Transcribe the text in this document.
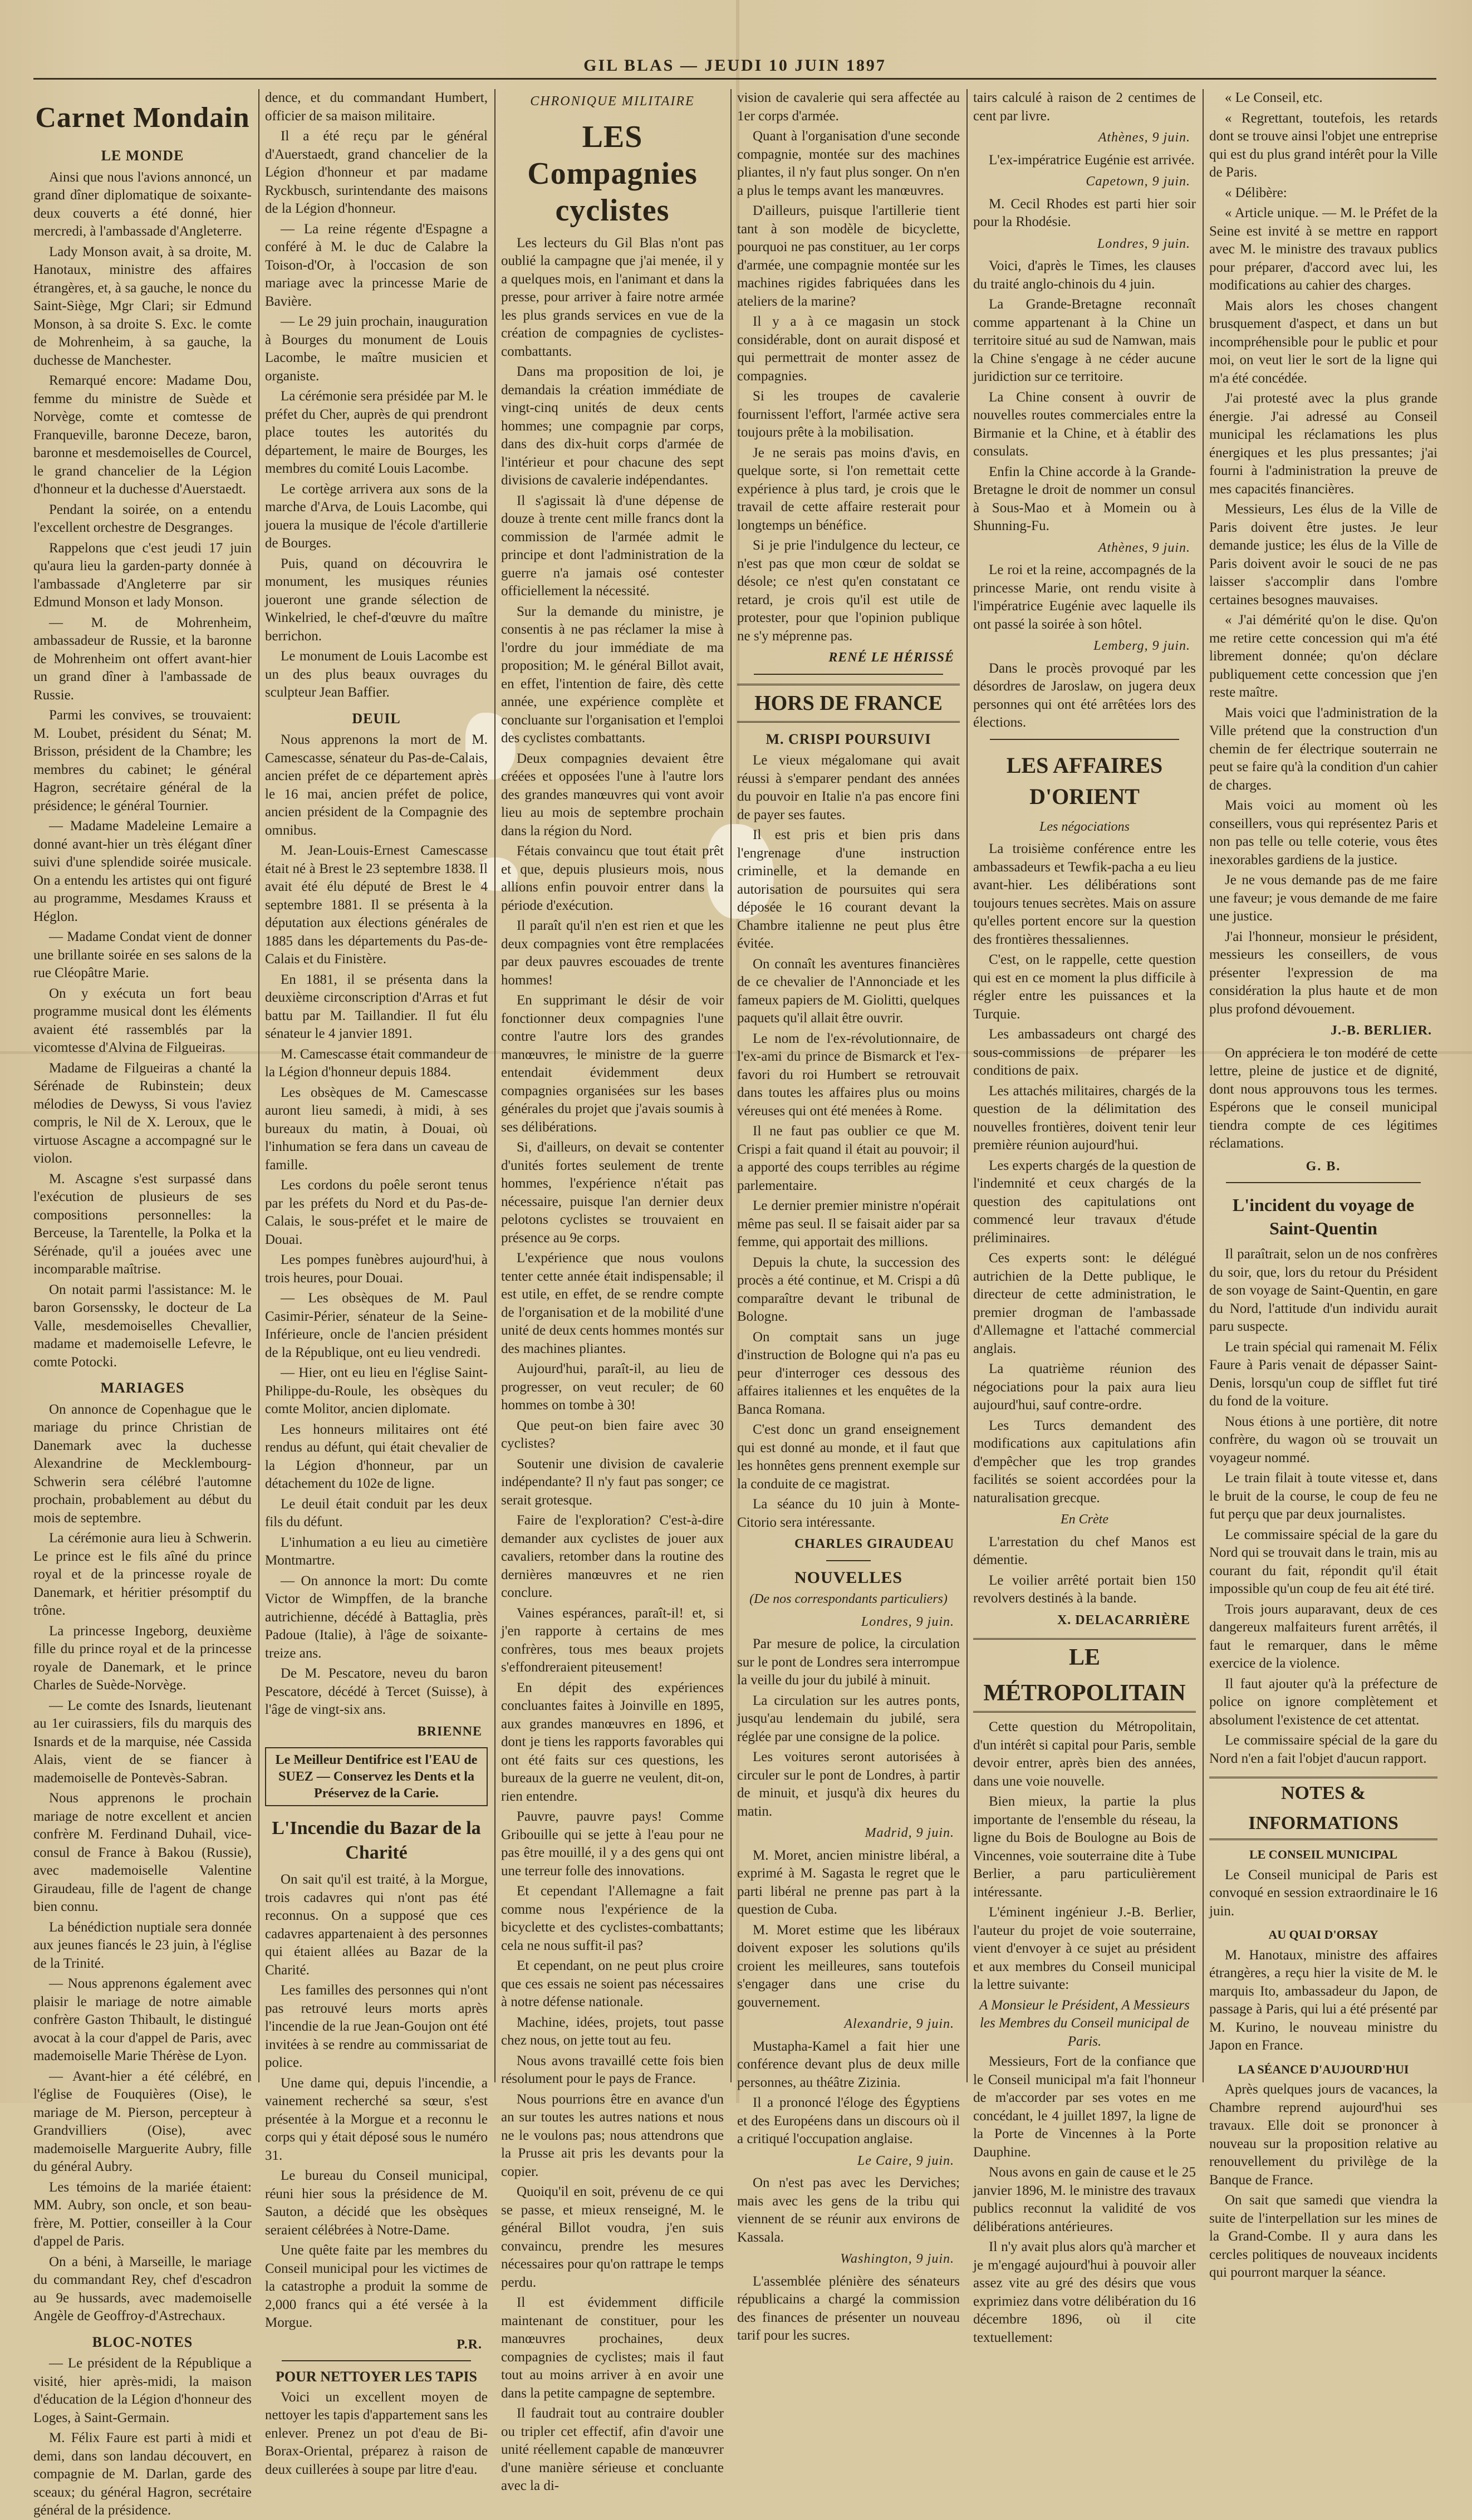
GIL BLAS — JEUDI 10 JUIN 1897
Carnet Mondain
LE MONDE

Ainsi que nous l'avions annoncé, un grand dîner diplomatique de soixante-deux couverts a été donné, hier mercredi, à l'ambassade d'Angleterre.

Lady Monson avait, à sa droite, M. Hanotaux, ministre des affaires étrangères, et, à sa gauche, le nonce du Saint-Siège, Mgr Clari; sir Edmund Monson, à sa droite S. Exc. le comte de Mohrenheim, à sa gauche, la duchesse de Manchester.

Remarqué encore: Madame Dou, femme du ministre de Suède et Norvège, comte et comtesse de Franqueville, baronne Deceze, baron, baronne et mesdemoiselles de Courcel, le grand chancelier de la Légion d'honneur et la duchesse d'Auerstaedt.

Pendant la soirée, on a entendu l'excellent orchestre de Desgranges.

Rappelons que c'est jeudi 17 juin qu'aura lieu la garden-party donnée à l'ambassade d'Angleterre par sir Edmund Monson et lady Monson.

— M. de Mohrenheim, ambassadeur de Russie, et la baronne de Mohrenheim ont offert avant-hier un grand dîner à l'ambassade de Russie.

Parmi les convives, se trouvaient: M. Loubet, président du Sénat; M. Brisson, président de la Chambre; les membres du cabinet; le général Hagron, secrétaire général de la présidence; le général Tournier.

— Madame Madeleine Lemaire a donné avant-hier un très élégant dîner suivi d'une splendide soirée musicale. On a entendu les artistes qui ont figuré au programme, Mesdames Krauss et Héglon.

— Madame Condat vient de donner une brillante soirée en ses salons de la rue Cléopâtre Marie.

On y exécuta un fort beau programme musical dont les éléments avaient été rassemblés par la vicomtesse d'Alvina de Filgueiras.

Madame de Filgueiras a chanté la Sérénade de Rubinstein; deux mélodies de Dewyss, Si vous l'aviez compris, le Nil de X. Leroux, que le virtuose Ascagne a accompagné sur le violon.

M. Ascagne s'est surpassé dans l'exécution de plusieurs de ses compositions personnelles: la Berceuse, la Tarentelle, la Polka et la Sérénade, qu'il a jouées avec une incomparable maîtrise.

On notait parmi l'assistance: M. le baron Gorsenssky, le docteur de La Valle, mesdemoiselles Chevallier, madame et mademoiselle Lefevre, le comte Potocki.

MARIAGES

On annonce de Copenhague que le mariage du prince Christian de Danemark avec la duchesse Alexandrine de Mecklembourg-Schwerin sera célébré l'automne prochain, probablement au début du mois de septembre.

La cérémonie aura lieu à Schwerin. Le prince est le fils aîné du prince royal et de la princesse royale de Danemark, et héritier présomptif du trône.

La princesse Ingeborg, deuxième fille du prince royal et de la princesse royale de Danemark, et le prince Charles de Suède-Norvège.

— Le comte des Isnards, lieutenant au 1er cuirassiers, fils du marquis des Isnards et de la marquise, née Cassida Alais, vient de se fiancer à mademoiselle de Pontevès-Sabran.

Nous apprenons le prochain mariage de notre excellent et ancien confrère M. Ferdinand Duhail, vice-consul de France à Bakou (Russie), avec mademoiselle Valentine Giraudeau, fille de l'agent de change bien connu.

La bénédiction nuptiale sera donnée aux jeunes fiancés le 23 juin, à l'église de la Trinité.

— Nous apprenons également avec plaisir le mariage de notre aimable confrère Gaston Thibault, le distingué avocat à la cour d'appel de Paris, avec mademoiselle Marie Thérèse de Lyon.

— Avant-hier a été célébré, en l'église de Fouquières (Oise), le mariage de M. Pierson, percepteur à Grandvilliers (Oise), avec mademoiselle Marguerite Aubry, fille du général Aubry.

Les témoins de la mariée étaient: MM. Aubry, son oncle, et son beau-frère, M. Pottier, conseiller à la Cour d'appel de Paris.

On a béni, à Marseille, le mariage du commandant Rey, chef d'escadron au 9e hussards, avec mademoiselle Angèle de Geoffroy-d'Astrechaux.

BLOC-NOTES

— Le président de la République a visité, hier après-midi, la maison d'éducation de la Légion d'honneur des Loges, à Saint-Germain.

M. Félix Faure est parti à midi et demi, dans son landau découvert, en compagnie de M. Darlan, garde des sceaux; du général Hagron, secrétaire général de la présidence.

dence, et du commandant Humbert, officier de sa maison militaire.

Il a été reçu par le général d'Auerstaedt, grand chancelier de la Légion d'honneur et par madame Ryckbusch, surintendante des maisons de la Légion d'honneur.

— La reine régente d'Espagne a conféré à M. le duc de Calabre la Toison-d'Or, à l'occasion de son mariage avec la princesse Marie de Bavière.

— Le 29 juin prochain, inauguration à Bourges du monument de Louis Lacombe, le maître musicien et organiste.

La cérémonie sera présidée par M. le préfet du Cher, auprès de qui prendront place toutes les autorités du département, le maire de Bourges, les membres du comité Louis Lacombe.

Le cortège arrivera aux sons de la marche d'Arva, de Louis Lacombe, qui jouera la musique de l'école d'artillerie de Bourges.

Puis, quand on découvrira le monument, les musiques réunies joueront une grande sélection de Winkelried, le chef-d'œuvre du maître berrichon.

Le monument de Louis Lacombe est un des plus beaux ouvrages du sculpteur Jean Baffier.

DEUIL

Nous apprenons la mort de M. Camescasse, sénateur du Pas-de-Calais, ancien préfet de ce département après le 16 mai, ancien préfet de police, ancien président de la Compagnie des omnibus.

M. Jean-Louis-Ernest Camescasse était né à Brest le 23 septembre 1838. Il avait été élu député de Brest le 4 septembre 1881. Il se présenta à la députation aux élections générales de 1885 dans les départements du Pas-de-Calais et du Finistère.

En 1881, il se présenta dans la deuxième circonscription d'Arras et fut battu par M. Taillandier. Il fut élu sénateur le 4 janvier 1891.

M. Camescasse était commandeur de la Légion d'honneur depuis 1884.

Les obsèques de M. Camescasse auront lieu samedi, à midi, à ses bureaux du matin, à Douai, où l'inhumation se fera dans un caveau de famille.

Les cordons du poêle seront tenus par les préfets du Nord et du Pas-de-Calais, le sous-préfet et le maire de Douai.

Les pompes funèbres aujourd'hui, à trois heures, pour Douai.

— Les obsèques de M. Paul Casimir-Périer, sénateur de la Seine-Inférieure, oncle de l'ancien président de la République, ont eu lieu vendredi.

— Hier, ont eu lieu en l'église Saint-Philippe-du-Roule, les obsèques du comte Molitor, ancien diplomate.

Les honneurs militaires ont été rendus au défunt, qui était chevalier de la Légion d'honneur, par un détachement du 102e de ligne.

Le deuil était conduit par les deux fils du défunt.

L'inhumation a eu lieu au cimetière Montmartre.

— On annonce la mort: Du comte Victor de Wimpffen, de la branche autrichienne, décédé à Battaglia, près Padoue (Italie), à l'âge de soixante-treize ans.

De M. Pescatore, neveu du baron Pescatore, décédé à Tercet (Suisse), à l'âge de vingt-six ans.

BRIENNE
Le Meilleur Dentifrice est l'EAU de SUEZ — Conservez les Dents et la Préservez de la Carie.
L'Incendie du Bazar de la Charité

On sait qu'il est traité, à la Morgue, trois cadavres qui n'ont pas été reconnus. On a supposé que ces cadavres appartenaient à des personnes qui étaient allées au Bazar de la Charité.

Les familles des personnes qui n'ont pas retrouvé leurs morts après l'incendie de la rue Jean-Goujon ont été invitées à se rendre au commissariat de police.

Une dame qui, depuis l'incendie, a vainement recherché sa sœur, s'est présentée à la Morgue et a reconnu le corps qui y était déposé sous le numéro 31.

Le bureau du Conseil municipal, réuni hier sous la présidence de M. Sauton, a décidé que les obsèques seraient célébrées à Notre-Dame.

Une quête faite par les membres du Conseil municipal pour les victimes de la catastrophe a produit la somme de 2,000 francs qui a été versée à la Morgue.

P.R.
POUR NETTOYER LES TAPIS

Voici un excellent moyen de nettoyer les tapis d'appartement sans les enlever. Prenez un pot d'eau de Bi-Borax-Oriental, préparez à raison de deux cuillerées à soupe par litre d'eau.

CHRONIQUE MILITAIRE
LES Compagnies cyclistes

Les lecteurs du Gil Blas n'ont pas oublié la campagne que j'ai menée, il y a quelques mois, en l'animant et dans la presse, pour arriver à faire notre armée les plus grands services en vue de la création de compagnies de cyclistes-combattants.

Dans ma proposition de loi, je demandais la création immédiate de vingt-cinq unités de deux cents hommes; une compagnie par corps, dans des dix-huit corps d'armée de l'intérieur et pour chacune des sept divisions de cavalerie indépendantes.

Il s'agissait là d'une dépense de douze à trente cent mille francs dont la commission de l'armée admit le principe et dont l'administration de la guerre n'a jamais osé contester officiellement la nécessité.

Sur la demande du ministre, je consentis à ne pas réclamer la mise à l'ordre du jour immédiate de ma proposition; M. le général Billot avait, en effet, l'intention de faire, dès cette année, une expérience complète et concluante sur l'organisation et l'emploi des cyclistes combattants.

Deux compagnies devaient être créées et opposées l'une à l'autre lors des grandes manœuvres qui vont avoir lieu au mois de septembre prochain dans la région du Nord.

Fétais convaincu que tout était prêt et que, depuis plusieurs mois, nous allions enfin pouvoir entrer dans la période d'exécution.

Il paraît qu'il n'en est rien et que les deux compagnies vont être remplacées par deux pauvres escouades de trente hommes!

En supprimant le désir de voir fonctionner deux compagnies l'une contre l'autre lors des grandes manœuvres, le ministre de la guerre entendait évidemment deux compagnies organisées sur les bases générales du projet que j'avais soumis à ses délibérations.

Si, d'ailleurs, on devait se contenter d'unités fortes seulement de trente hommes, l'expérience n'était pas nécessaire, puisque l'an dernier deux pelotons cyclistes se trouvaient en présence au 9e corps.

L'expérience que nous voulons tenter cette année était indispensable; il est utile, en effet, de se rendre compte de l'organisation et de la mobilité d'une unité de deux cents hommes montés sur des machines pliantes.

Aujourd'hui, paraît-il, au lieu de progresser, on veut reculer; de 60 hommes on tombe à 30!

Que peut-on bien faire avec 30 cyclistes?

Soutenir une division de cavalerie indépendante? Il n'y faut pas songer; ce serait grotesque.

Faire de l'exploration? C'est-à-dire demander aux cyclistes de jouer aux cavaliers, retomber dans la routine des dernières manœuvres et ne rien conclure.

Vaines espérances, paraît-il! et, si j'en rapporte à certains de mes confrères, tous mes beaux projets s'effondreraient piteusement!

En dépit des expériences concluantes faites à Joinville en 1895, aux grandes manœuvres en 1896, et dont je tiens les rapports favorables qui ont été faits sur ces questions, les bureaux de la guerre ne veulent, dit-on, rien entendre.

Pauvre, pauvre pays! Comme Gribouille qui se jette à l'eau pour ne pas être mouillé, il y a des gens qui ont une terreur folle des innovations.

Et cependant l'Allemagne a fait comme nous l'expérience de la bicyclette et des cyclistes-combattants; cela ne nous suffit-il pas?

Et cependant, on ne peut plus croire que ces essais ne soient pas nécessaires à notre défense nationale.

Machine, idées, projets, tout passe chez nous, on jette tout au feu.

Nous avons travaillé cette fois bien résolument pour le pays de France.

Nous pourrions être en avance d'un an sur toutes les autres nations et nous ne le voulons pas; nous attendrons que la Prusse ait pris les devants pour la copier.

Quoiqu'il en soit, prévenu de ce qui se passe, et mieux renseigné, M. le général Billot voudra, j'en suis convaincu, prendre les mesures nécessaires pour qu'on rattrape le temps perdu.

Il est évidemment difficile maintenant de constituer, pour les manœuvres prochaines, deux compagnies de cyclistes; mais il faut tout au moins arriver à en avoir une dans la petite campagne de septembre.

Il faudrait tout au contraire doubler ou tripler cet effectif, afin d'avoir une unité réellement capable de manœuvrer d'une manière sérieuse et concluante avec la di-

vision de cavalerie qui sera affectée au 1er corps d'armée.

Quant à l'organisation d'une seconde compagnie, montée sur des machines pliantes, il n'y faut plus songer. On n'en a plus le temps avant les manœuvres.

D'ailleurs, puisque l'artillerie tient tant à son modèle de bicyclette, pourquoi ne pas constituer, au 1er corps d'armée, une compagnie montée sur les machines rigides fabriquées dans les ateliers de la marine?

Il y a à ce magasin un stock considérable, dont on aurait disposé et qui permettrait de monter assez de compagnies.

Si les troupes de cavalerie fournissent l'effort, l'armée active sera toujours prête à la mobilisation.

Je ne serais pas moins d'avis, en quelque sorte, si l'on remettait cette expérience à plus tard, je crois que le travail de cette affaire resterait pour longtemps un bénéfice.

Si je prie l'indulgence du lecteur, ce n'est pas que mon cœur de soldat se désole; ce n'est qu'en constatant ce retard, je crois qu'il est utile de protester, pour que l'opinion publique ne s'y méprenne pas.

RENÉ LE HÉRISSÉ
HORS DE FRANCE
M. CRISPI POURSUIVI

Le vieux mégalomane qui avait réussi à s'emparer pendant des années du pouvoir en Italie n'a pas encore fini de payer ses fautes.

Il est pris et bien pris dans l'engrenage d'une instruction criminelle, et la demande en autorisation de poursuites qui sera déposée le 16 courant devant la Chambre italienne ne peut plus être évitée.

On connaît les aventures financières de ce chevalier de l'Annonciade et les fameux papiers de M. Giolitti, quelques paquets qu'il allait être ouvrir.

Le nom de l'ex-révolutionnaire, de l'ex-ami du prince de Bismarck et l'ex-favori du roi Humbert se retrouvait dans toutes les affaires plus ou moins véreuses qui ont été menées à Rome.

Il ne faut pas oublier ce que M. Crispi a fait quand il était au pouvoir; il a apporté des coups terribles au régime parlementaire.

Le dernier premier ministre n'opérait même pas seul. Il se faisait aider par sa femme, qui apportait des millions.

Depuis la chute, la succession des procès a été continue, et M. Crispi a dû comparaître devant le tribunal de Bologne.

On comptait sans un juge d'instruction de Bologne qui n'a pas eu peur d'interroger ces dessous des affaires italiennes et les enquêtes de la Banca Romana.

C'est donc un grand enseignement qui est donné au monde, et il faut que les honnêtes gens prennent exemple sur la conduite de ce magistrat.

La séance du 10 juin à Monte-Citorio sera intéressante.

CHARLES GIRAUDEAU
NOUVELLES
(De nos correspondants particuliers)
Londres, 9 juin.

Par mesure de police, la circulation sur le pont de Londres sera interrompue la veille du jour du jubilé à minuit.

La circulation sur les autres ponts, jusqu'au lendemain du jubilé, sera réglée par une consigne de la police.

Les voitures seront autorisées à circuler sur le pont de Londres, à partir de minuit, et jusqu'à dix heures du matin.

Madrid, 9 juin.

M. Moret, ancien ministre libéral, a exprimé à M. Sagasta le regret que le parti libéral ne prenne pas part à la question de Cuba.

M. Moret estime que les libéraux doivent exposer les solutions qu'ils croient les meilleures, sans toutefois s'engager dans une crise du gouvernement.

Alexandrie, 9 juin.

Mustapha-Kamel a fait hier une conférence devant plus de deux mille personnes, au théâtre Zizinia.

Il a prononcé l'éloge des Égyptiens et des Européens dans un discours où il a critiqué l'occupation anglaise.

Le Caire, 9 juin.

On n'est pas avec les Derviches; mais avec les gens de la tribu qui viennent de se réunir aux environs de Kassala.

Washington, 9 juin.

L'assemblée plénière des sénateurs républicains a chargé la commission des finances de présenter un nouveau tarif pour les sucres.

tairs calculé à raison de 2 centimes de cent par livre.

Athènes, 9 juin.

L'ex-impératrice Eugénie est arrivée.

Capetown, 9 juin.

M. Cecil Rhodes est parti hier soir pour la Rhodésie.

Londres, 9 juin.

Voici, d'après le Times, les clauses du traité anglo-chinois du 4 juin.

La Grande-Bretagne reconnaît comme appartenant à la Chine un territoire situé au sud de Namwan, mais la Chine s'engage à ne céder aucune juridiction sur ce territoire.

La Chine consent à ouvrir de nouvelles routes commerciales entre la Birmanie et la Chine, et à établir des consulats.

Enfin la Chine accorde à la Grande-Bretagne le droit de nommer un consul à Sous-Mao et à Momein ou à Shunning-Fu.

Athènes, 9 juin.

Le roi et la reine, accompagnés de la princesse Marie, ont rendu visite à l'impératrice Eugénie avec laquelle ils ont passé la soirée à son hôtel.

Lemberg, 9 juin.

Dans le procès provoqué par les désordres de Jaroslaw, on jugera deux personnes qui ont été arrêtées lors des élections.

LES AFFAIRES D'ORIENT
Les négociations

La troisième conférence entre les ambassadeurs et Tewfik-pacha a eu lieu avant-hier. Les délibérations sont toujours tenues secrètes. Mais on assure qu'elles portent encore sur la question des frontières thessaliennes.

C'est, on le rappelle, cette question qui est en ce moment la plus difficile à régler entre les puissances et la Turquie.

Les ambassadeurs ont chargé des sous-commissions de préparer les conditions de paix.

Les attachés militaires, chargés de la question de la délimitation des nouvelles frontières, doivent tenir leur première réunion aujourd'hui.

Les experts chargés de la question de l'indemnité et ceux chargés de la question des capitulations ont commencé leur travaux d'étude préliminaires.

Ces experts sont: le délégué autrichien de la Dette publique, le directeur de cette administration, le premier drogman de l'ambassade d'Allemagne et l'attaché commercial anglais.

La quatrième réunion des négociations pour la paix aura lieu aujourd'hui, sauf contre-ordre.

Les Turcs demandent des modifications aux capitulations afin d'empêcher que les trop grandes facilités se soient accordées pour la naturalisation grecque.

En Crète

L'arrestation du chef Manos est démentie.

Le voilier arrêté portait bien 150 revolvers destinés à la bande.

X. DELACARRIÈRE
LE MÉTROPOLITAIN

Cette question du Métropolitain, d'un intérêt si capital pour Paris, semble devoir entrer, après bien des années, dans une voie nouvelle.

Bien mieux, la partie la plus importante de l'ensemble du réseau, la ligne du Bois de Boulogne au Bois de Vincennes, voie souterraine dite à Tube Berlier, a paru particulièrement intéressante.

L'éminent ingénieur J.-B. Berlier, l'auteur du projet de voie souterraine, vient d'envoyer à ce sujet au président et aux membres du Conseil municipal la lettre suivante:

A Monsieur le Président, A Messieurs les Membres du Conseil municipal de Paris.

Messieurs, Fort de la confiance que le Conseil municipal m'a fait l'honneur de m'accorder par ses votes en me concédant, le 4 juillet 1897, la ligne de la Porte de Vincennes à la Porte Dauphine.

Nous avons en gain de cause et le 25 janvier 1896, M. le ministre des travaux publics reconnut la validité de vos délibérations antérieures.

Il n'y avait plus alors qu'à marcher et je m'engagé aujourd'hui à pouvoir aller assez vite au gré des désirs que vous exprimiez dans votre délibération du 16 décembre 1896, où il cite textuellement:

« Le Conseil, etc.

« Regrettant, toutefois, les retards dont se trouve ainsi l'objet une entreprise qui est du plus grand intérêt pour la Ville de Paris.

« Délibère:

« Article unique. — M. le Préfet de la Seine est invité à se mettre en rapport avec M. le ministre des travaux publics pour préparer, d'accord avec lui, les modifications au cahier des charges.

Mais alors les choses changent brusquement d'aspect, et dans un but incompréhensible pour le public et pour moi, on veut lier le sort de la ligne qui m'a été concédée.

J'ai protesté avec la plus grande énergie. J'ai adressé au Conseil municipal les réclamations les plus énergiques et les plus pressantes; j'ai fourni à l'administration la preuve de mes capacités financières.

Messieurs, Les élus de la Ville de Paris doivent être justes. Je leur demande justice; les élus de la Ville de Paris doivent avoir le souci de ne pas laisser s'accomplir dans l'ombre certaines besognes mauvaises.

« J'ai démérité qu'on le dise. Qu'on me retire cette concession qui m'a été librement donnée; qu'on déclare publiquement cette concession que j'en reste maître.

Mais voici que l'administration de la Ville prétend que la construction d'un chemin de fer électrique souterrain ne peut se faire qu'à la condition d'un cahier de charges.

Mais voici au moment où les conseillers, vous qui représentez Paris et non pas telle ou telle coterie, vous êtes inexorables gardiens de la justice.

Je ne vous demande pas de me faire une faveur; je vous demande de me faire une justice.

J'ai l'honneur, monsieur le président, messieurs les conseillers, de vous présenter l'expression de ma considération la plus haute et de mon plus profond dévouement.

J.-B. BERLIER.

On appréciera le ton modéré de cette lettre, pleine de justice et de dignité, dont nous approuvons tous les termes. Espérons que le conseil municipal tiendra compte de ces légitimes réclamations.

G. B.
L'incident du voyage de Saint-Quentin

Il paraîtrait, selon un de nos confrères du soir, que, lors du retour du Président de son voyage de Saint-Quentin, en gare du Nord, l'attitude d'un individu aurait paru suspecte.

Le train spécial qui ramenait M. Félix Faure à Paris venait de dépasser Saint-Denis, lorsqu'un coup de sifflet fut tiré du fond de la voiture.

Nous étions à une portière, dit notre confrère, du wagon où se trouvait un voyageur nommé.

Le train filait à toute vitesse et, dans le bruit de la course, le coup de feu ne fut perçu que par deux journalistes.

Le commissaire spécial de la gare du Nord qui se trouvait dans le train, mis au courant du fait, répondit qu'il était impossible qu'un coup de feu ait été tiré.

Trois jours auparavant, deux de ces dangereux malfaiteurs furent arrêtés, il faut le remarquer, dans le même exercice de la violence.

Il faut ajouter qu'à la préfecture de police on ignore complètement et absolument l'existence de cet attentat.

Le commissaire spécial de la gare du Nord n'en a fait l'objet d'aucun rapport.

NOTES & INFORMATIONS
LE CONSEIL MUNICIPAL

Le Conseil municipal de Paris est convoqué en session extraordinaire le 16 juin.

AU QUAI D'ORSAY

M. Hanotaux, ministre des affaires étrangères, a reçu hier la visite de M. le marquis Ito, ambassadeur du Japon, de passage à Paris, qui lui a été présenté par M. Kurino, le nouveau ministre du Japon en France.

LA SÉANCE D'AUJOURD'HUI

Après quelques jours de vacances, la Chambre reprend aujourd'hui ses travaux. Elle doit se prononcer à nouveau sur la proposition relative au renouvellement du privilège de la Banque de France.

On sait que samedi que viendra la suite de l'interpellation sur les mines de la Grand-Combe. Il y aura dans les cercles politiques de nouveaux incidents qui pourront marquer la séance.
